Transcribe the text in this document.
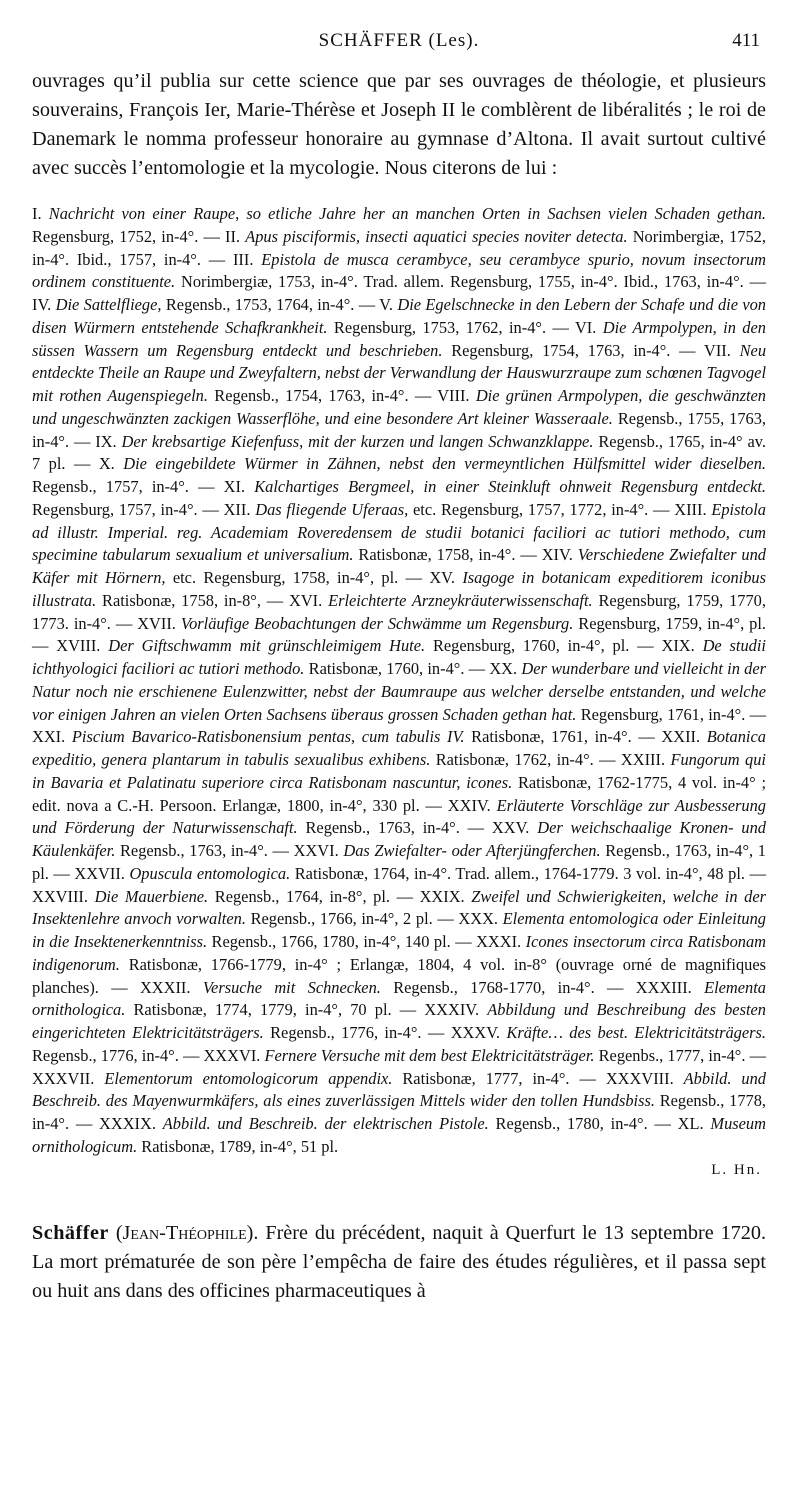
SCHÄFFER (Les).	411

ouvrages qu’il publia sur cette science que par ses ouvrages de théologie, et plusieurs souverains, François Ier, Marie-Thérèse et Joseph II le comblèrent de libéralités ; le roi de Danemark le nomma professeur honoraire au gymnase d’Altona. Il avait surtout cultivé avec succès l’entomologie et la mycologie. Nous citerons de lui :

I. Nachricht von einer Raupe, so etliche Jahre her an manchen Orten in Sachsen vielen Schaden gethan. Regensburg, 1752, in-4°. — II. Apus pisciformis, insecti aquatici species noviter detecta. Norimbergiæ, 1752, in-4°. Ibid., 1757, in-4°. — III. Epistola de musca cerambyce, seu cerambyce spurio, novum insectorum ordinem constituente. Norimbergiæ, 1753, in-4°. Trad. allem. Regensburg, 1755, in-4°. Ibid., 1763, in-4°. — IV. Die Sattelfliege, Regensb., 1753, 1764, in-4°. — V. Die Egelschnecke in den Lebern der Schafe und die von disen Würmern entstehende Schafkrankheit. Regensburg, 1753, 1762, in-4°. — VI. Die Armpolypen, in den süssen Wassern um Regensburg entdeckt und beschrieben. Regensburg, 1754, 1763, in-4°. — VII. Neu entdeckte Theile an Raupe und Zweyfaltern, nebst der Verwandlung der Hauswurzraupe zum schœnen Tagvogel mit rothen Augenspiegeln. Regensb., 1754, 1763, in-4°. — VIII. Die grünen Armpolypen, die geschwänzten und ungeschwänzten zackigen Wasserflöhe, und eine besondere Art kleiner Wasseraale. Regensb., 1755, 1763, in-4°. — IX. Der krebsartige Kiefenfuss, mit der kurzen und langen Schwanzklappe. Regensb., 1765, in-4° av. 7 pl. — X. Die eingebildete Würmer in Zähnen, nebst den vermeyntlichen Hülfsmittel wider dieselben. Regensb., 1757, in-4°. — XI. Kalchartiges Bergmeel, in einer Steinkluft ohnweit Regensburg entdeckt. Regensburg, 1757, in-4°. — XII. Das fliegende Uferaas, etc. Regensburg, 1757, 1772, in-4°. — XIII. Epistola ad illustr. Imperial. reg. Academiam Roveredensem de studii botanici faciliori ac tutiori methodo, cum specimine tabularum sexualium et universalium. Ratisbonæ, 1758, in-4°. — XIV. Verschiedene Zwiefalter und Käfer mit Hörnern, etc. Regensburg, 1758, in-4°, pl. — XV. Isagoge in botanicam expeditiorem iconibus illustrata. Ratisbonæ, 1758, in-8°, — XVI. Erleichterte Arzneykräuterwissenschaft. Regensburg, 1759, 1770, 1773. in-4°. — XVII. Vorläufige Beobachtungen der Schwämme um Regensburg. Regensburg, 1759, in-4°, pl. — XVIII. Der Giftschwamm mit grünschleimigem Hute. Regensburg, 1760, in-4°, pl. — XIX. De studii ichthyologici faciliori ac tutiori methodo. Ratisbonæ, 1760, in-4°. — XX. Der wunderbare und vielleicht in der Natur noch nie erschienene Eulenzwitter, nebst der Baumraupe aus welcher derselbe entstanden, und welche vor einigen Jahren an vielen Orten Sachsens überaus grossen Schaden gethan hat. Regensburg, 1761, in-4°. — XXI. Piscium Bavarico-Ratisbonensium pentas, cum tabulis IV. Ratisbonæ, 1761, in-4°. — XXII. Botanica expeditio, genera plantarum in tabulis sexualibus exhibens. Ratisbonæ, 1762, in-4°. — XXIII. Fungorum qui in Bavaria et Palatinatu superiore circa Ratisbonam nascuntur, icones. Ratisbonæ, 1762-1775, 4 vol. in-4° ; edit. nova a C.-H. Persoon. Erlangæ, 1800, in-4°, 330 pl. — XXIV. Erläuterte Vorschläge zur Ausbesserung und Förderung der Naturwissenschaft. Regensb., 1763, in-4°. — XXV. Der weichschaalige Kronen- und Käulenkäfer. Regensb., 1763, in-4°. — XXVI. Das Zwiefalter- oder Afterjüngferchen. Regensb., 1763, in-4°, 1 pl. — XXVII. Opuscula entomologica. Ratisbonæ, 1764, in-4°. Trad. allem., 1764-1779. 3 vol. in-4°, 48 pl. — XXVIII. Die Mauerbiene. Regensb., 1764, in-8°, pl. — XXIX. Zweifel und Schwierigkeiten, welche in der Insektenlehre anvoch vorwalten. Regensb., 1766, in-4°, 2 pl. — XXX. Elementa entomologica oder Einleitung in die Insektenerkenntniss. Regensb., 1766, 1780, in-4°, 140 pl. — XXXI. Icones insectorum circa Ratisbonam indigenorum. Ratisbonæ, 1766-1779, in-4° ; Erlangæ, 1804, 4 vol. in-8° (ouvrage orné de magnifiques planches). — XXXII. Versuche mit Schnecken. Regensb., 1768-1770, in-4°. — XXXIII. Elementa ornithologica. Ratisbonæ, 1774, 1779, in-4°, 70 pl. — XXXIV. Abbildung und Beschreibung des besten eingerichteten Elektricitätsträgers. Regensb., 1776, in-4°. — XXXV. Kräfte… des best. Elektricitätsträgers. Regensb., 1776, in-4°. — XXXVI. Fernere Versuche mit dem best Elektricitätsträger. Regenbs., 1777, in-4°. — XXXVII. Elementorum entomologicorum appendix. Ratisbonæ, 1777, in-4°. — XXXVIII. Abbild. und Beschreib. des Mayenwurmkäfers, als eines zuverlässigen Mittels wider den tollen Hundsbiss. Regensb., 1778, in-4°. — XXXIX. Abbild. und Beschreib. der elektrischen Pistole. Regensb., 1780, in-4°. — XL. Museum ornithologicum. Ratisbonæ, 1789, in-4°, 51 pl.

L. Hn.

Schäffer (Jean-Théophile). Frère du précédent, naquit à Querfurt le 13 septembre 1720. La mort prématurée de son père l’empêcha de faire des études régulières, et il passa sept ou huit ans dans des officines pharmaceutiques à
